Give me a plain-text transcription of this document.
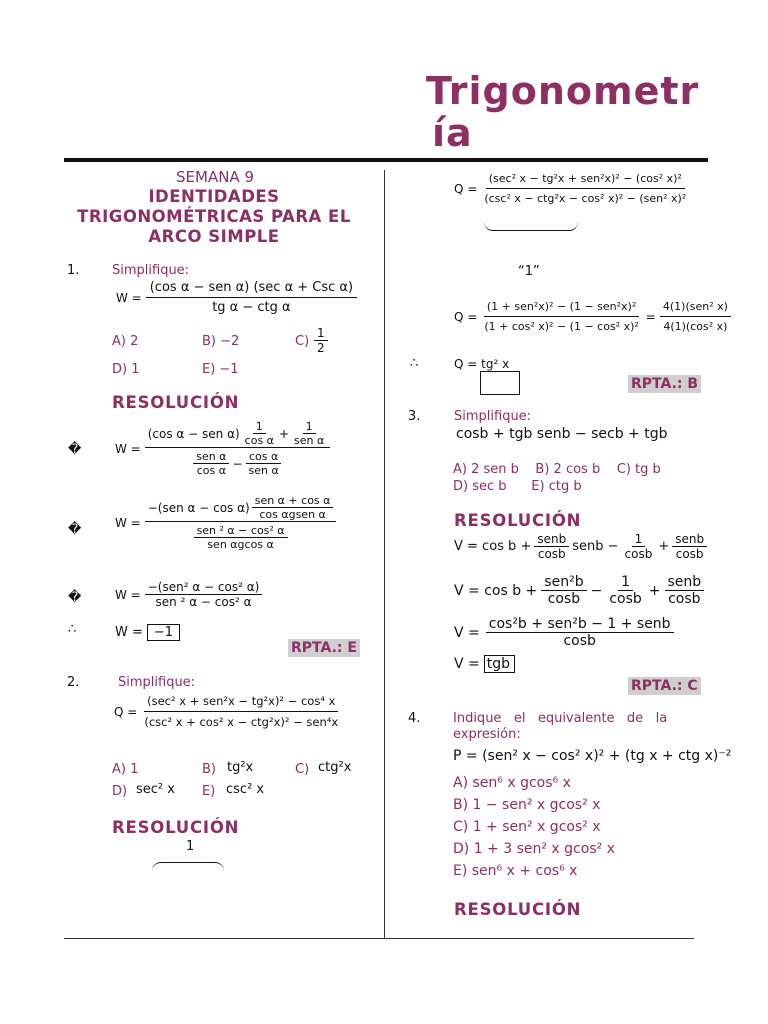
Trigonometr
ía
SEMANA 9
IDENTIDADES
TRIGONOMÉTRICAS PARA EL
ARCO SIMPLE
1.	Simplifique:
$W = \frac{\text{(cos α − sen α) (sec α + Csc α)}}{\text{tg α − ctg α}}$
A) 2	B) −2	$C) \frac{1}{2}$
D) 1	E) −1
RESOLUCIÓN
�	$W = \frac{(\cos \alpha - sen \alpha) \frac{1}{\text{cos α}} + \frac{1}{\text{sen α}}}{\frac{\text{sen α}}{\text{cos α}} - \frac{\text{cos α}}{\text{sen α}}}$
�	$W = \frac{-(sen \alpha - \cos \alpha) \frac{\text{sen α + cos α}}{\text{cos αgsen α}}}{\frac{\text{sen ² α − cos² α}}{\text{sen αgcos α}}}$
�	$W = \frac{\text{−(sen² α − cos² α)}}{\text{sen ² α − cos² α}}$
∴	W = −1
RPTA.: E
2.	Simplifique:
$Q = \frac{\text{(sec² x + sen²x − tg²x)² − cos⁴ x}}{\text{(csc² x + cos² x − ctg²x)² − sen⁴x}}$
A) 1	B) tg²x	C) ctg²x
D) sec² x E) csc² x
RESOLUCIÓN
1
$Q = \frac{\text{(sec² x − tg²x + sen²x)² − (cos² x)²}}{\text{(csc² x − ctg²x − cos² x)² − (sen² x)²}}$
“1”
$Q = \frac{\text{(1 + sen²x)² − (1 − sen²x)²}}{\text{(1 + cos² x)² − (1 − cos² x)²}} = \frac{\text{4(1)(sen² x)}}{\text{4(1)(cos² x)}}$
∴	Q = tg² x
RPTA.: B
3.	Simplifique:
cosb + tgb senb − secb + tgb
A) 2 sen b    B) 2 cos b    C) tg b
D) sec b      E) ctg b
RESOLUCIÓN
$V = \cos b + \frac{\text{senb}}{\cos b}$ senb − $\frac{1}{\cos b} + \frac{\text{senb}}{\cos b}$
$V = \cos b + \frac{\text{sen²b}}{\cos b} - \frac{1}{\cos b} + \frac{\text{senb}}{\cos b}$
$V = \frac{\text{cos²b + sen²b − 1 + senb}}{\cos b}$
V = tgb
RPTA.: C
4.	Indique   el   equivalente   de   la
expresión:
P = (sen² x − cos² x)² + (tg x + ctg x)⁻²
A) sen⁶ x gcos⁶ x
B) 1 − sen² x gcos² x
C) 1 + sen² x gcos² x
D) 1 + 3 sen² x gcos² x
E) sen⁶ x + cos⁶ x
RESOLUCIÓN
